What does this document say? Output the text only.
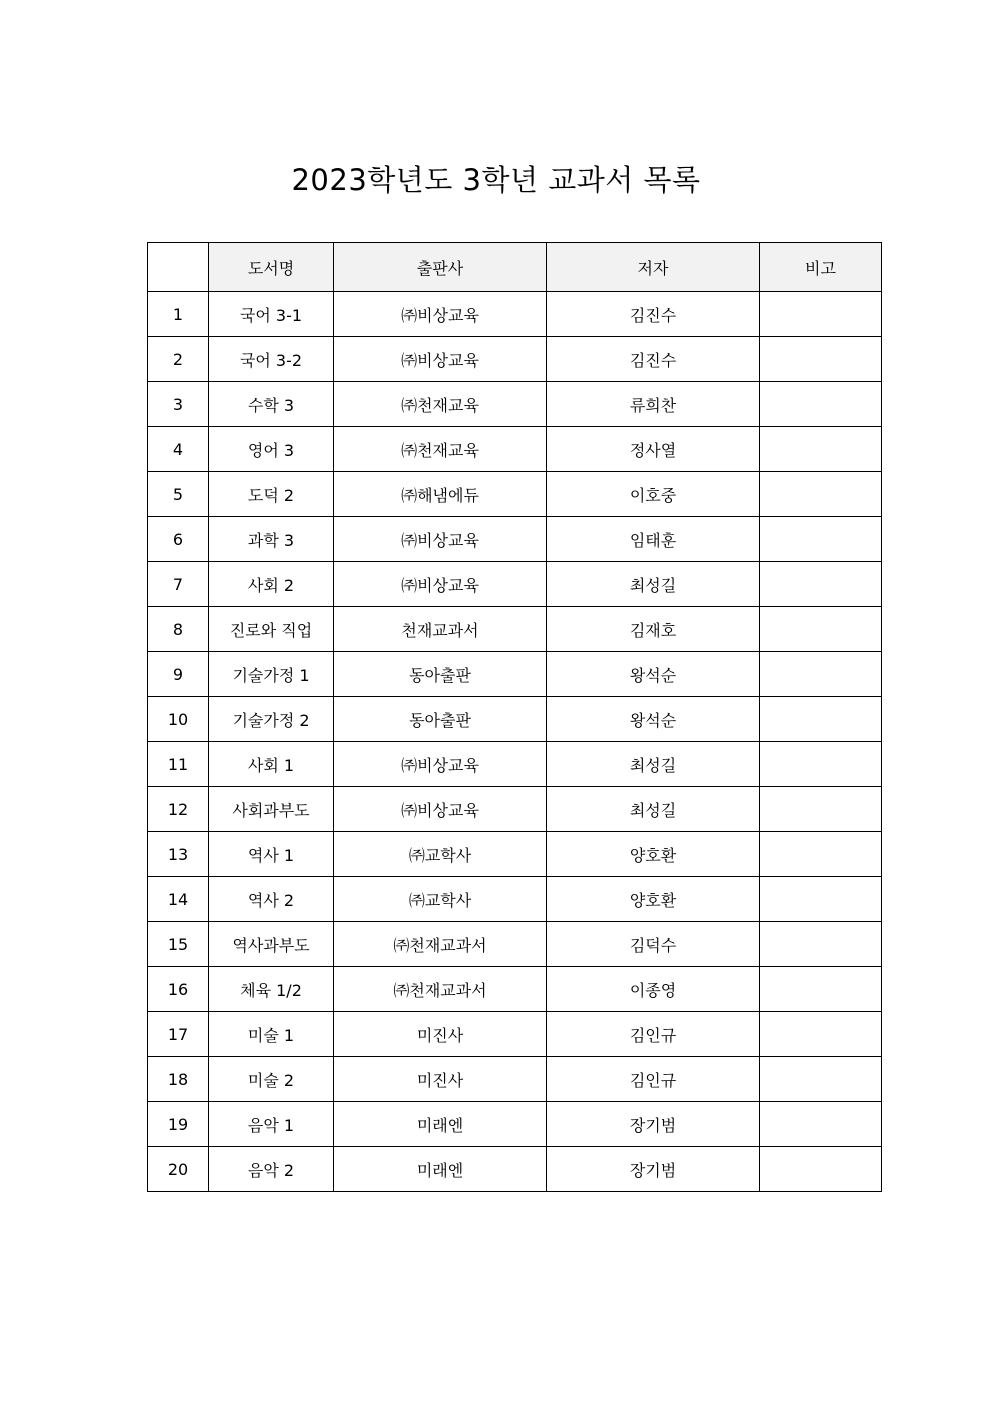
2023학년도 3학년 교과서 목록
	도서명	출판사	저자	비고
1	국어 3-1	㈜비상교육	김진수	
2	국어 3-2	㈜비상교육	김진수	
3	수학 3	㈜천재교육	류희찬	
4	영어 3	㈜천재교육	정사열	
5	도덕 2	㈜해냄에듀	이호중	
6	과학 3	㈜비상교육	임태훈	
7	사회 2	㈜비상교육	최성길	
8	진로와 직업	천재교과서	김재호	
9	기술가정 1	동아출판	왕석순	
10	기술가정 2	동아출판	왕석순	
11	사회 1	㈜비상교육	최성길	
12	사회과부도	㈜비상교육	최성길	
13	역사 1	㈜교학사	양호환	
14	역사 2	㈜교학사	양호환	
15	역사과부도	㈜천재교과서	김덕수	
16	체육 1/2	㈜천재교과서	이종영	
17	미술 1	미진사	김인규	
18	미술 2	미진사	김인규	
19	음악 1	미래엔	장기범	
20	음악 2	미래엔	장기범	
